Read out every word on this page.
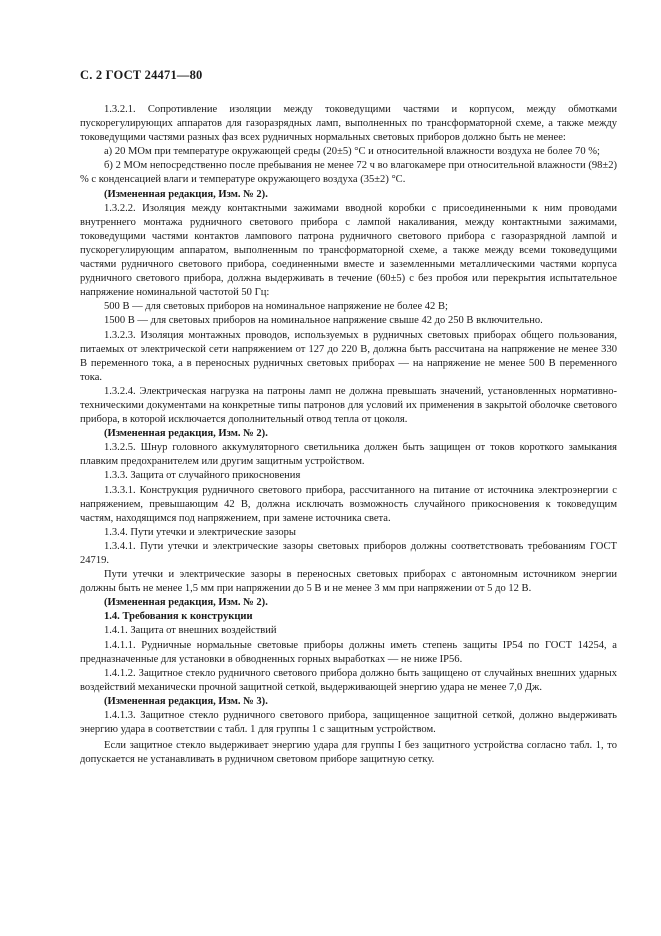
С. 2 ГОСТ 24471—80

1.3.2.1. Сопротивление изоляции между токоведущими частями и корпусом, между обмотками пускорегулирующих аппаратов для газоразрядных ламп, выполненных по трансформаторной схеме, а также между токоведущими частями разных фаз всех рудничных нормальных световых приборов должно быть не менее:

а) 20 МОм при температуре окружающей среды (20±5) °С и относительной влажности воздуха не более 70 %;

б) 2 МОм непосредственно после пребывания не менее 72 ч во влагокамере при относительной влажности (98±2) % с конденсацией влаги и температуре окружающего воздуха (35±2) °С.

(Измененная редакция, Изм. № 2).

1.3.2.2. Изоляция между контактными зажимами вводной коробки с присоединенными к ним проводами внутреннего монтажа рудничного светового прибора с лампой накаливания, между контактными зажимами, токоведущими частями контактов лампового патрона рудничного светового прибора с газоразрядной лампой и пускорегулирующим аппаратом, выполненным по трансформаторной схеме, а также между всеми токоведущими частями рудничного светового прибора, соединенными вместе и заземленными металлическими частями корпуса рудничного светового прибора, должна выдерживать в течение (60±5) с без пробоя или перекрытия испытательное напряжение номинальной частотой 50 Гц:

500 В — для световых приборов на номинальное напряжение не более 42 В;

1500 В — для световых приборов на номинальное напряжение свыше 42 до 250 В включительно.

1.3.2.3. Изоляция монтажных проводов, используемых в рудничных световых приборах общего пользования, питаемых от электрической сети напряжением от 127 до 220 В, должна быть рассчитана на напряжение не менее 330 В переменного тока, а в переносных рудничных световых приборах — на напряжение не менее 500 В переменного тока.

1.3.2.4. Электрическая нагрузка на патроны ламп не должна превышать значений, установленных нормативно-техническими документами на конкретные типы патронов для условий их применения в закрытой оболочке светового прибора, в которой исключается дополнительный отвод тепла от цоколя.

(Измененная редакция, Изм. № 2).

1.3.2.5. Шнур головного аккумуляторного светильника должен быть защищен от токов короткого замыкания плавким предохранителем или другим защитным устройством.

1.3.3. Защита от случайного прикосновения

1.3.3.1. Конструкция рудничного светового прибора, рассчитанного на питание от источника электроэнергии с напряжением, превышающим 42 В, должна исключать возможность случайного прикосновения к токоведущим частям, находящимся под напряжением, при замене источника света.

1.3.4. Пути утечки и электрические зазоры

1.3.4.1. Пути утечки и электрические зазоры световых приборов должны соответствовать требованиям ГОСТ 24719.

Пути утечки и электрические зазоры в переносных световых приборах с автономным источником энергии должны быть не менее 1,5 мм при напряжении до 5 В и не менее 3 мм при напряжении от 5 до 12 В.

(Измененная редакция, Изм. № 2).

1.4. Требования к конструкции

1.4.1. Защита от внешних воздействий

1.4.1.1. Рудничные нормальные световые приборы должны иметь степень защиты IP54 по ГОСТ 14254, а предназначенные для установки в обводненных горных выработках — не ниже IP56.

1.4.1.2. Защитное стекло рудничного светового прибора должно быть защищено от случайных внешних ударных воздействий механически прочной защитной сеткой, выдерживающей энергию удара не менее 7,0 Дж.

(Измененная редакция, Изм. № 3).

1.4.1.3. Защитное стекло рудничного светового прибора, защищенное защитной сеткой, должно выдерживать энергию удара в соответствии с табл. 1 для группы 1 с защитным устройством.

Если защитное стекло выдерживает энергию удара для группы I без защитного устройства согласно табл. 1, то допускается не устанавливать в рудничном световом приборе защитную сетку.
